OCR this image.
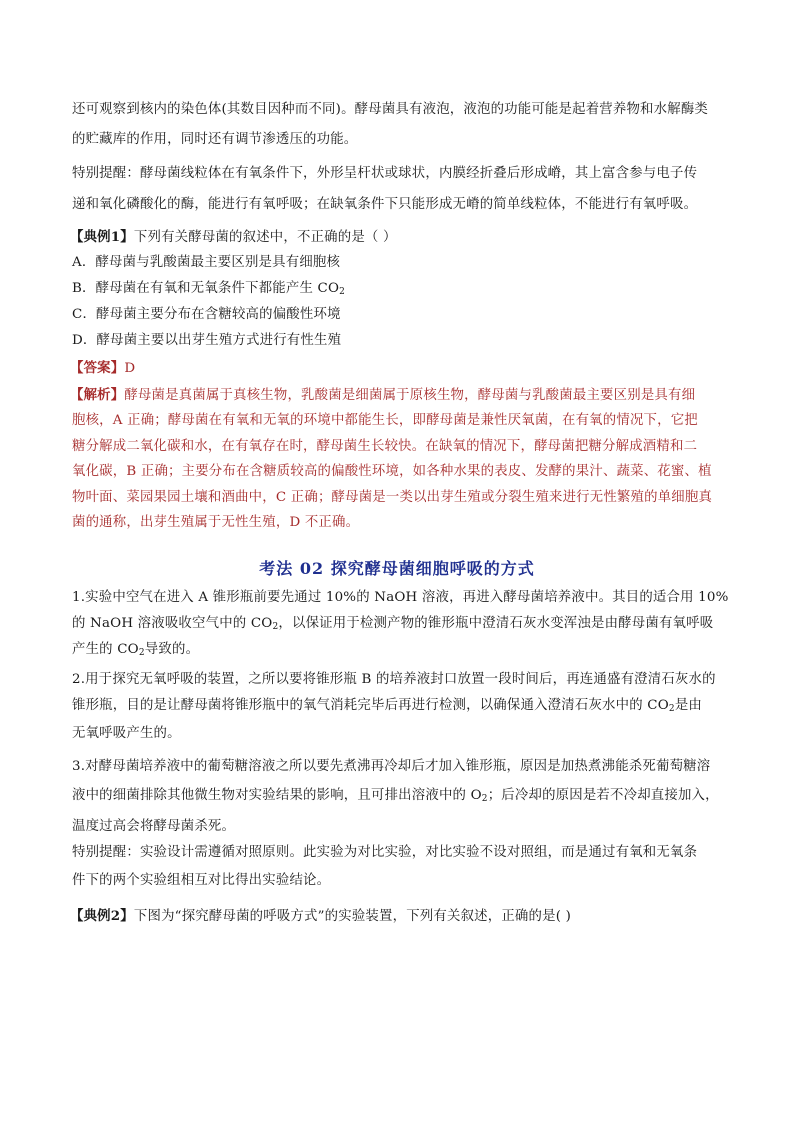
还可观察到核内的染色体(其数目因种而不同)。酵母菌具有液泡，液泡的功能可能是起着营养物和水解酶类
的贮藏库的作用，同时还有调节渗透压的功能。
特别提醒：酵母菌线粒体在有氧条件下，外形呈杆状或球状，内膜经折叠后形成嵴，其上富含参与电子传
递和氧化磷酸化的酶，能进行有氧呼吸；在缺氧条件下只能形成无嵴的简单线粒体，不能进行有氧呼吸。
【典例1】下列有关酵母菌的叙述中，不正确的是（ ）
A．酵母菌与乳酸菌最主要区别是具有细胞核
B．酵母菌在有氧和无氧条件下都能产生 $CO_2$
C．酵母菌主要分布在含糖较高的偏酸性环境
D．酵母菌主要以出芽生殖方式进行有性生殖
【答案】D
【解析】酵母菌是真菌属于真核生物，乳酸菌是细菌属于原核生物，酵母菌与乳酸菌最主要区别是具有细
胞核，A 正确；酵母菌在有氧和无氧的环境中都能生长，即酵母菌是兼性厌氧菌，在有氧的情况下，它把
糖分解成二氧化碳和水，在有氧存在时，酵母菌生长较快。在缺氧的情况下，酵母菌把糖分解成酒精和二
氧化碳，B 正确；主要分布在含糖质较高的偏酸性环境，如各种水果的表皮、发酵的果汁、蔬菜、花蜜、植
物叶面、菜园果园土壤和酒曲中，C 正确；酵母菌是一类以出芽生殖或分裂生殖来进行无性繁殖的单细胞真
菌的通称，出芽生殖属于无性生殖，D 不正确。
考法 02 探究酵母菌细胞呼吸的方式
1.实验中空气在进入 A 锥形瓶前要先通过 10%的 NaOH 溶液，再进入酵母菌培养液中。其目的适合用 10%
的 NaOH 溶液吸收空气中的 $CO_2$，以保证用于检测产物的锥形瓶中澄清石灰水变浑浊是由酵母菌有氧呼吸
产生的 $CO_2$导致的。
2.用于探究无氧呼吸的装置，之所以要将锥形瓶 B 的培养液封口放置一段时间后，再连通盛有澄清石灰水的
锥形瓶，目的是让酵母菌将锥形瓶中的氧气消耗完毕后再进行检测，以确保通入澄清石灰水中的 $CO_2$是由
无氧呼吸产生的。
3.对酵母菌培养液中的葡萄糖溶液之所以要先煮沸再冷却后才加入锥形瓶，原因是加热煮沸能杀死葡萄糖溶
液中的细菌排除其他微生物对实验结果的影响，且可排出溶液中的 $O_2$；后冷却的原因是若不冷却直接加入，
温度过高会将酵母菌杀死。
特别提醒：实验设计需遵循对照原则。此实验为对比实验，对比实验不设对照组，而是通过有氧和无氧条
件下的两个实验组相互对比得出实验结论。
【典例2】下图为“探究酵母菌的呼吸方式”的实验装置，下列有关叙述，正确的是( )
